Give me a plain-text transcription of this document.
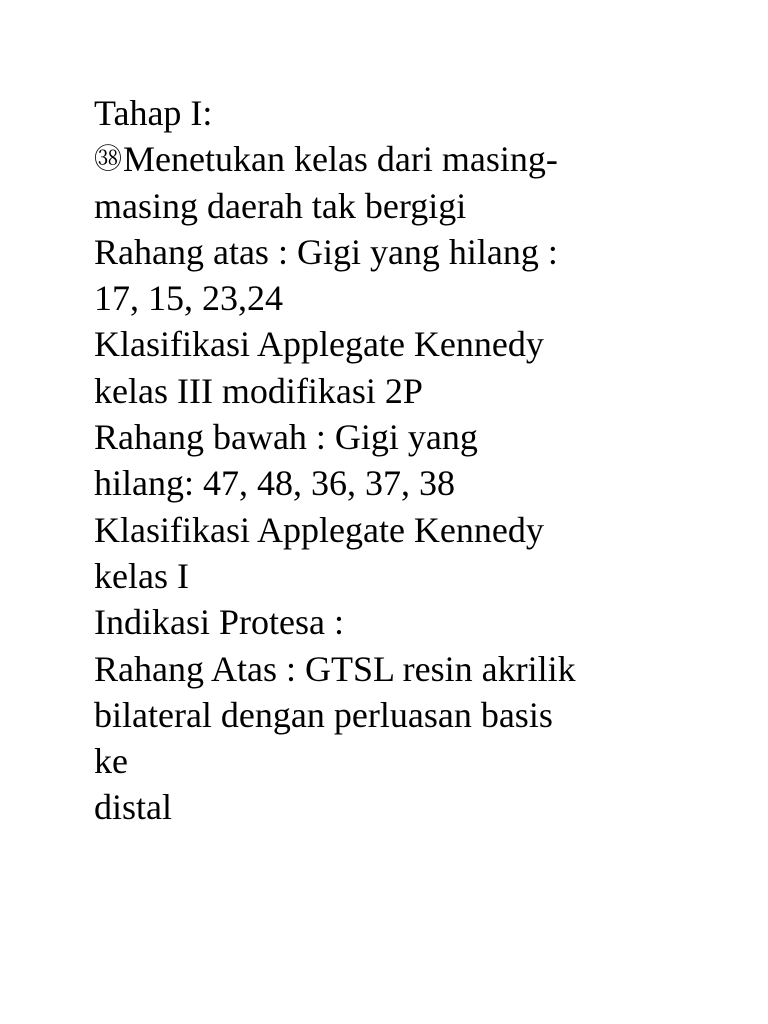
Tahap I:
㊳Menetukan kelas dari masing-
masing daerah tak bergigi
Rahang atas : Gigi yang hilang :
17, 15, 23,24
Klasifikasi Applegate Kennedy
kelas III modifikasi 2P
Rahang bawah : Gigi yang
hilang: 47, 48, 36, 37, 38
Klasifikasi Applegate Kennedy
kelas I
Indikasi Protesa :
Rahang Atas : GTSL resin akrilik
bilateral dengan perluasan basis
ke
distal
